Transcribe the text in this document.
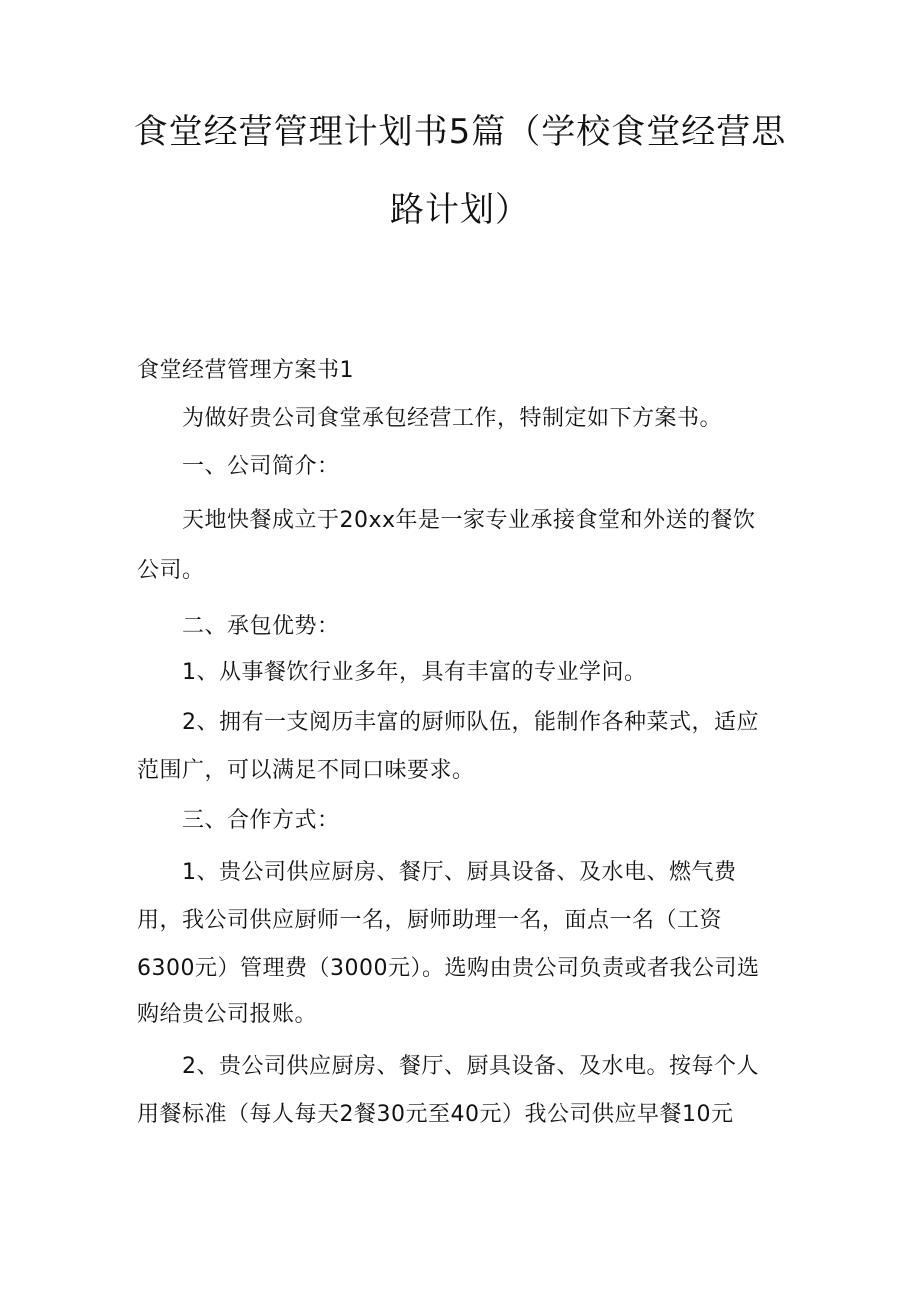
食堂经营管理计划书5篇（学校食堂经营思
路计划）
食堂经营管理方案书1
　　为做好贵公司食堂承包经营工作，特制定如下方案书。
　　一、公司简介：
　　天地快餐成立于20xx年是一家专业承接食堂和外送的餐饮
公司。
　　二、承包优势：
　　1、从事餐饮行业多年，具有丰富的专业学问。
　　2、拥有一支阅历丰富的厨师队伍，能制作各种菜式，适应
范围广，可以满足不同口味要求。
　　三、合作方式：
　　1、贵公司供应厨房、餐厅、厨具设备、及水电、燃气费
用，我公司供应厨师一名，厨师助理一名，面点一名（工资
6300元）管理费（3000元）。选购由贵公司负责或者我公司选
购给贵公司报账。
　　2、贵公司供应厨房、餐厅、厨具设备、及水电。按每个人
用餐标准（每人每天2餐30元至40元）我公司供应早餐10元
